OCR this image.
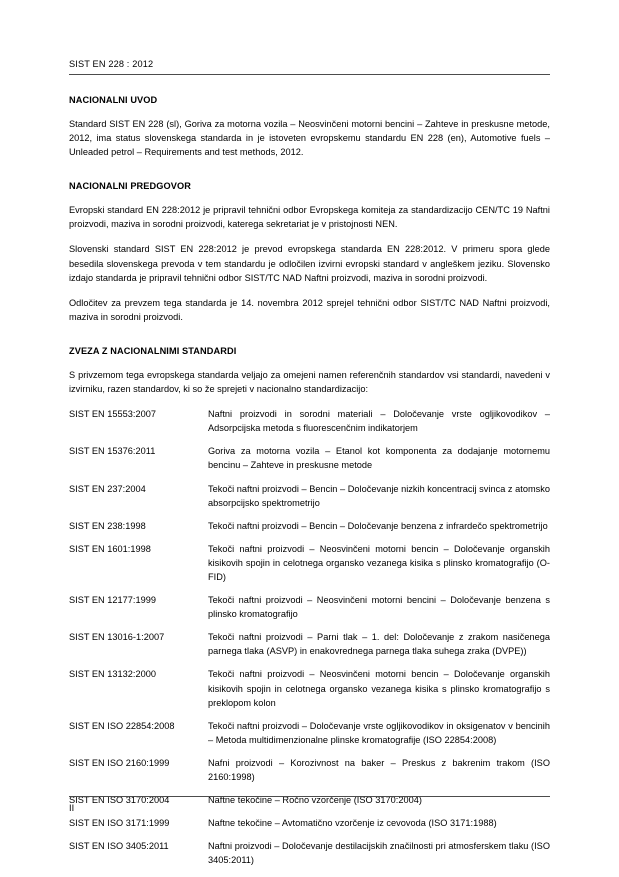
SIST EN 228 : 2012
NACIONALNI UVOD

Standard SIST EN 228 (sl), Goriva za motorna vozila – Neosvinčeni motorni bencini – Zahteve in preskusne metode, 2012, ima status slovenskega standarda in je istoveten evropskemu standardu EN 228 (en), Automotive fuels – Unleaded petrol – Requirements and test methods, 2012.

NACIONALNI PREDGOVOR

Evropski standard EN 228:2012 je pripravil tehnični odbor Evropskega komiteja za standardizacijo CEN/TC 19 Naftni proizvodi, maziva in sorodni proizvodi, katerega sekretariat je v pristojnosti NEN.

Slovenski standard SIST EN 228:2012 je prevod evropskega standarda EN 228:2012. V primeru spora glede besedila slovenskega prevoda v tem standardu je odločilen izvirni evropski standard v angleškem jeziku. Slovensko izdajo standarda je pripravil tehnični odbor SIST/TC NAD Naftni proizvodi, maziva in sorodni proizvodi.

Odločitev za prevzem tega standarda je 14. novembra 2012 sprejel tehnični odbor SIST/TC NAD Naftni proizvodi, maziva in sorodni proizvodi.

ZVEZA Z NACIONALNIMI STANDARDI

S privzemom tega evropskega standarda veljajo za omejeni namen referenčnih standardov vsi standardi, navedeni v izvirniku, razen standardov, ki so že sprejeti v nacionalno standardizacijo:

SIST EN 15553:2007	Naftni proizvodi in sorodni materiali – Določevanje vrste ogljikovodikov – Adsorpcijska metoda s fluorescenčnim indikatorjem
SIST EN 15376:2011	Goriva za motorna vozila – Etanol kot komponenta za dodajanje motornemu bencinu – Zahteve in preskusne metode
SIST EN 237:2004	Tekoči naftni proizvodi – Bencin – Določevanje nizkih koncentracij svinca z atomsko absorpcijsko spektrometrijo
SIST EN 238:1998	Tekoči naftni proizvodi – Bencin – Določevanje benzena z infrardečo spektrometrijo
SIST EN 1601:1998	Tekoči naftni proizvodi – Neosvinčeni motorni bencin – Določevanje organskih kisikovih spojin in celotnega organsko vezanega kisika s plinsko kromatografijo (O-FID)
SIST EN 12177:1999	Tekoči naftni proizvodi – Neosvinčeni motorni bencini – Določevanje benzena s plinsko kromatografijo
SIST EN 13016-1:2007	Tekoči naftni proizvodi – Parni tlak – 1. del: Določevanje z zrakom nasičenega parnega tlaka (ASVP) in enakovrednega parnega tlaka suhega zraka (DVPE))
SIST EN 13132:2000	Tekoči naftni proizvodi – Neosvinčeni motorni bencin – Določevanje organskih kisikovih spojin in celotnega organsko vezanega kisika s plinsko kromatografijo s preklopom kolon
SIST EN ISO 22854:2008	Tekoči naftni proizvodi – Določevanje vrste ogljikovodikov in oksigenatov v bencinih – Metoda multidimenzionalne plinske kromatografije (ISO 22854:2008)
SIST EN ISO 2160:1999	Nafni proizvodi – Korozivnost na baker – Preskus z bakrenim trakom (ISO 2160:1998)
SIST EN ISO 3170:2004	Naftne tekočine – Ročno vzorčenje (ISO 3170:2004)
SIST EN ISO 3171:1999	Naftne tekočine – Avtomatično vzorčenje iz cevovoda (ISO 3171:1988)
SIST EN ISO 3405:2011	Naftni proizvodi – Določevanje destilacijskih značilnosti pri atmosferskem tlaku (ISO 3405:2011)
II
